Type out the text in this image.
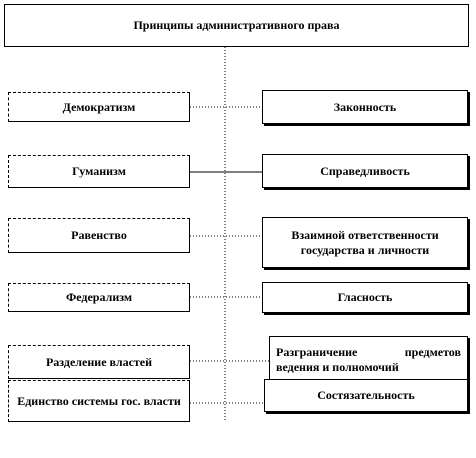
Принципы административного права
Демократизм
Гуманизм
Равенство
Федерализм
Разделение властей
Единство системы гос. власти
Законность
Справедливость
Взаимной ответственности государства и личности
Гласность
Разграничение предметов ведения и полномочий
Состязательность
